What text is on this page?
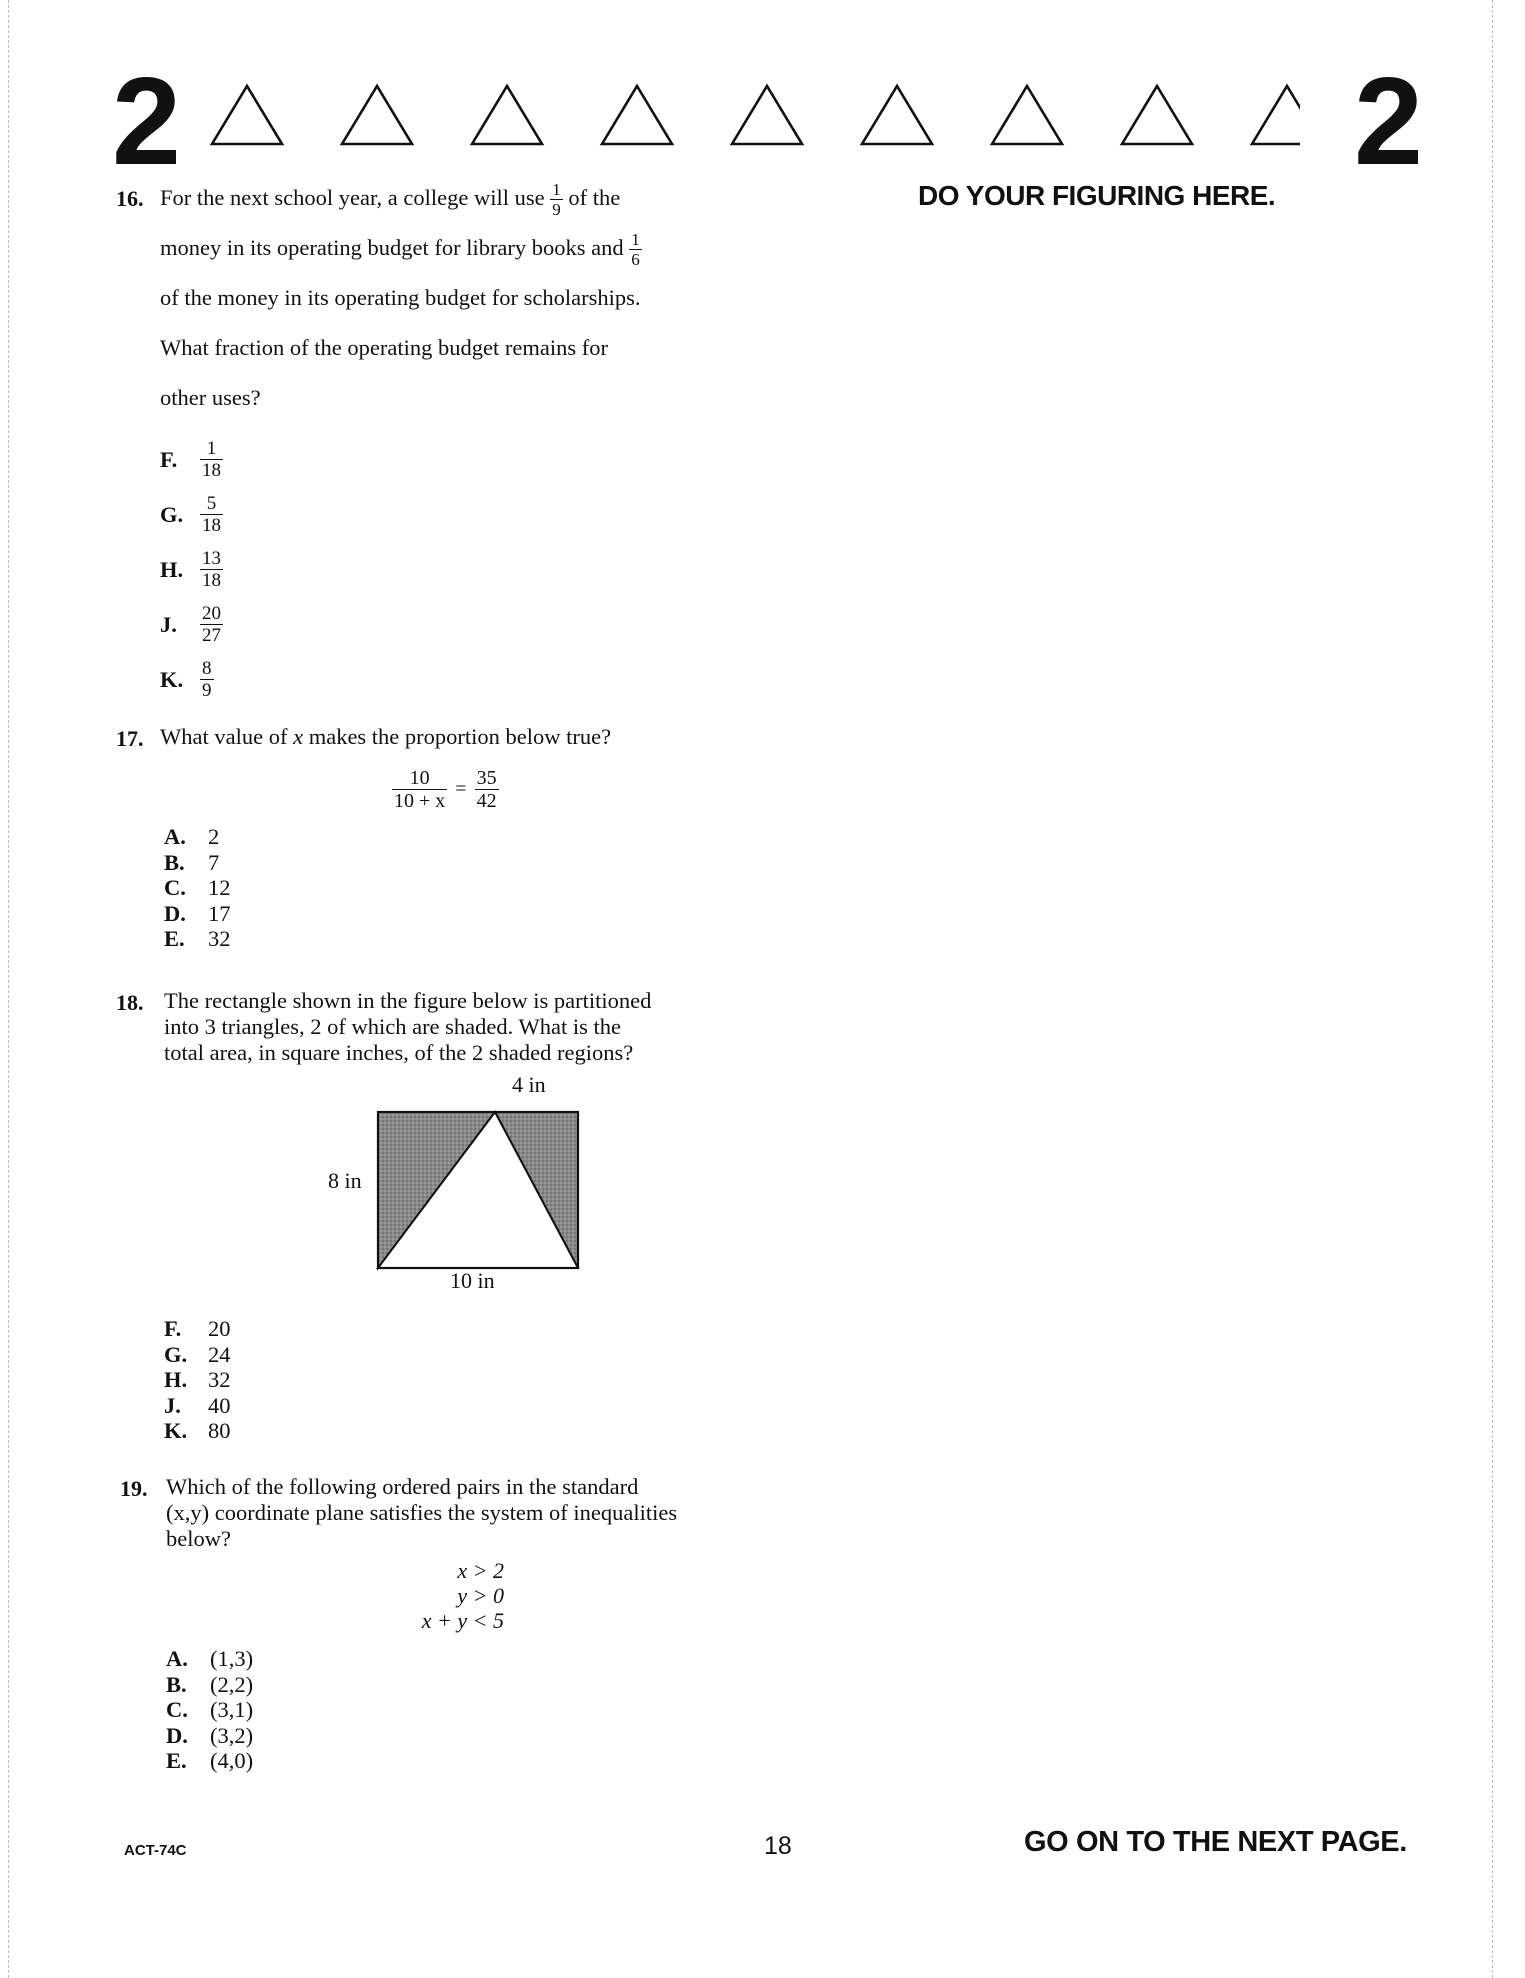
2	2
DO YOUR FIGURING HERE.
16. For the next school year, a college will use $\frac{1}{9}$ of the
money in its operating budget for library books and $\frac{1}{6}$
of the money in its operating budget for scholarships.
What fraction of the operating budget remains for
other uses?
F.	$\frac{1}{18}$
G. $\frac{5}{18}$
H. $\frac{13}{18}$
J.	$\frac{20}{27}$
K. $\frac{8}{9}$
17. What value of x makes the proportion below true?
$\frac{10}{10 + x} = \frac{35}{42}$
A. 2
B. 7
C. 12
D. 17
E. 32
18. The rectangle shown in the figure below is partitioned
into 3 triangles, 2 of which are shaded. What is the
total area, in square inches, of the 2 shaded regions?
4 in
8 in
10 in
F. 20
G. 24
H. 32
J. 40
K. 80
19. Which of the following ordered pairs in the standard
(x,y) coordinate plane satisfies the system of inequalities
below?
x > 2
y > 0
x + y < 5
A. (1,3)
B. (2,2)
C. (3,1)
D. (3,2)
E. (4,0)
ACT-74C	18	GO ON TO THE NEXT PAGE.
